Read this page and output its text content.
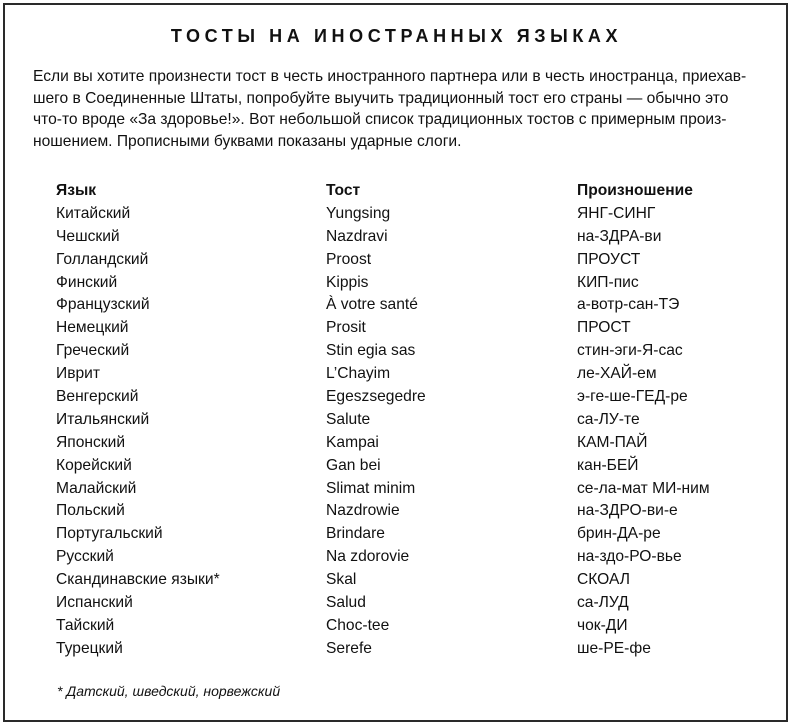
ТОСТЫ НА ИНОСТРАННЫХ ЯЗЫКАХ

Если вы хотите произнести тост в честь иностранного партнера или в честь иностранца, приехав-
шего в Соединенные Штаты, попробуйте выучить традиционный тост его страны — обычно это
что-то вроде «За здоровье!». Вот небольшой список традиционных тостов с примерным произ-
ношением. Прописными буквами показаны ударные слоги.

Язык	Тост	Произношение
Китайский	Yungsing	ЯНГ-СИНГ
Чешский	Nazdravi	на-ЗДРА-ви
Голландский	Proost	ПРОУСТ
Финский	Kippis	КИП-пис
Французский	À votre santé	а-вотр-сан-ТЭ
Немецкий	Prosit	ПРОСТ
Греческий	Stin egia sas	стин-эги-Я-сас
Иврит	L’Chayim	ле-ХАЙ-ем
Венгерский	Egeszsegedre	э-ге-ше-ГЕД-ре
Итальянский	Salute	са-ЛУ-те
Японский	Kampai	КАМ-ПАЙ
Корейский	Gan bei	кан-БЕЙ
Малайский	Slimat minim	се-ла-мат МИ-ним
Польский	Nazdrowie	на-ЗДРО-ви-е
Португальский	Brindare	брин-ДА-ре
Русский	Na zdorovie	на-здо-РО-вье
Скандинавские языки*	Skal	СКОАЛ
Испанский	Salud	са-ЛУД
Тайский	Choc-tee	чок-ДИ
Турецкий	Serefe	ше-РЕ-фе
* Датский, шведский, норвежский
